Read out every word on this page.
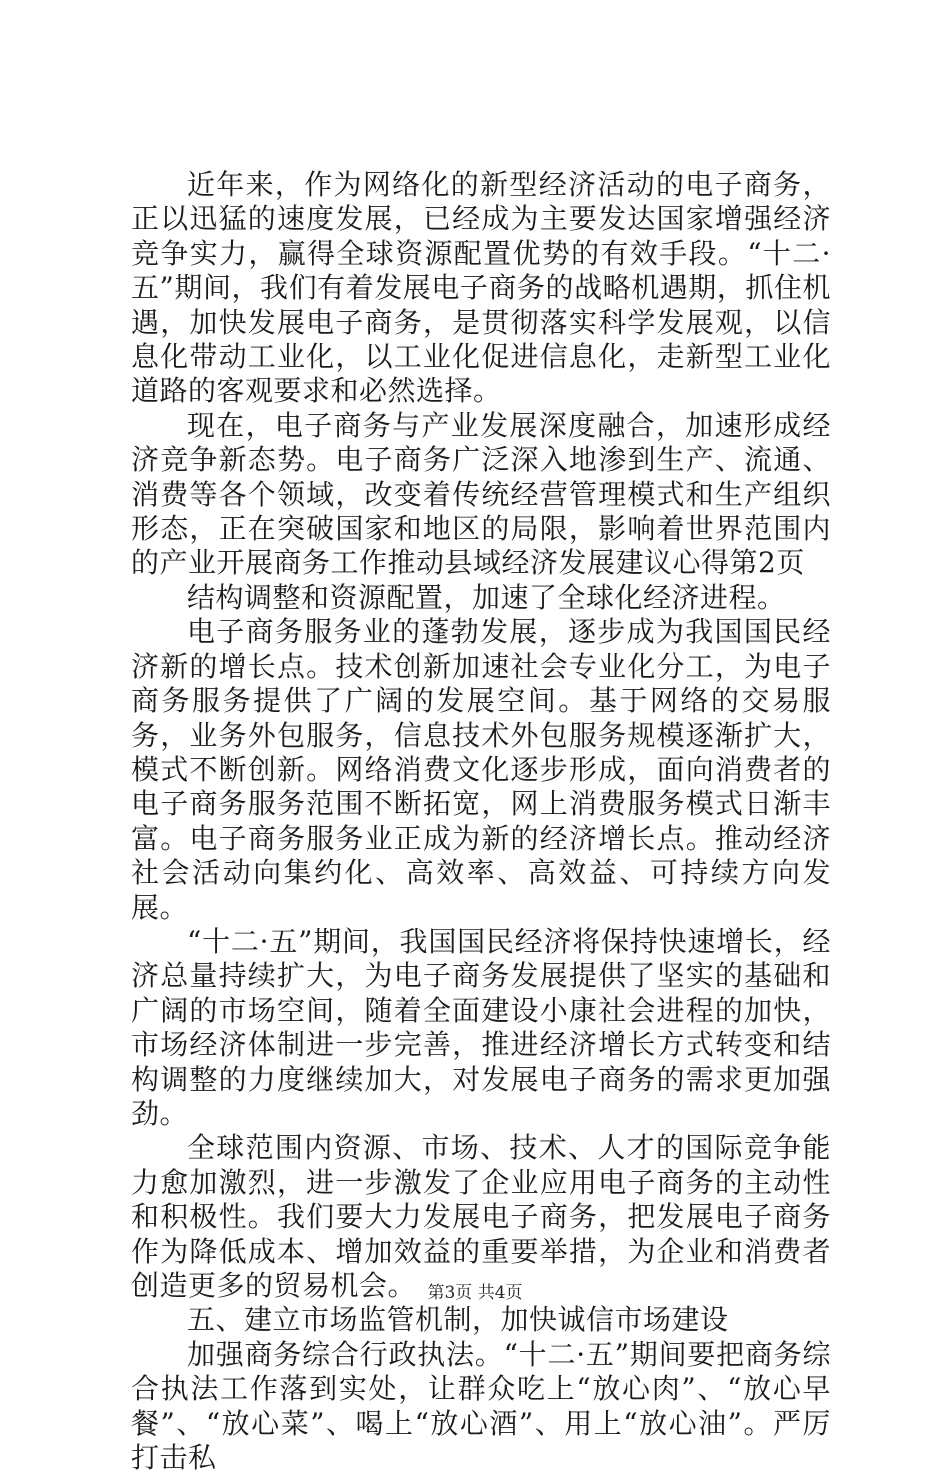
近年来，作为网络化的新型经济活动的电子商务，正以迅猛的速度发展，已经成为主要发达国家增强经济竞争实力，赢得全球资源配置优势的有效手段。“十二·五”期间，我们有着发展电子商务的战略机遇期，抓住机遇，加快发展电子商务，是贯彻落实科学发展观，以信息化带动工业化，以工业化促进信息化，走新型工业化道路的客观要求和必然选择。

现在，电子商务与产业发展深度融合，加速形成经济竞争新态势。电子商务广泛深入地渗到生产、流通、消费等各个领域，改变着传统经营管理模式和生产组织形态，正在突破国家和地区的局限，影响着世界范围内的产业开展商务工作推动县域经济发展建议心得第2页

结构调整和资源配置，加速了全球化经济进程。

电子商务服务业的蓬勃发展，逐步成为我国国民经济新的增长点。技术创新加速社会专业化分工，为电子商务服务提供了广阔的发展空间。基于网络的交易服务，业务外包服务，信息技术外包服务规模逐渐扩大，模式不断创新。网络消费文化逐步形成，面向消费者的电子商务服务范围不断拓宽，网上消费服务模式日渐丰富。电子商务服务业正成为新的经济增长点。推动经济社会活动向集约化、高效率、高效益、可持续方向发展。

“十二·五”期间，我国国民经济将保持快速增长，经济总量持续扩大，为电子商务发展提供了坚实的基础和广阔的市场空间，随着全面建设小康社会进程的加快，市场经济体制进一步完善，推进经济增长方式转变和结构调整的力度继续加大，对发展电子商务的需求更加强劲。

全球范围内资源、市场、技术、人才的国际竞争能力愈加激烈，进一步激发了企业应用电子商务的主动性和积极性。我们要大力发展电子商务，把发展电子商务作为降低成本、增加效益的重要举措，为企业和消费者创造更多的贸易机会。

五、建立市场监管机制，加快诚信市场建设

加强商务综合行政执法。“十二·五”期间要把商务综合执法工作落到实处，让群众吃上“放心肉”、“放心早餐”、“放心菜”、喝上“放心酒”、用上“放心油”。严厉打击私

第3页 共4页
